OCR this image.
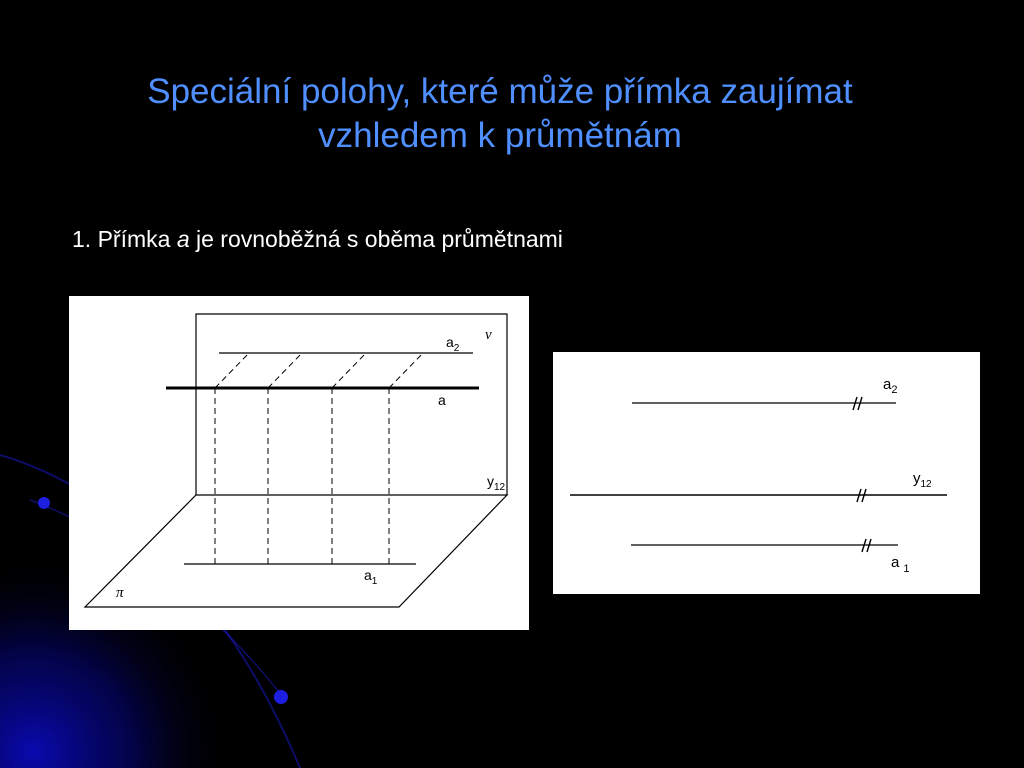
Speciální polohy, které může přímka zaujímat
vzhledem k průmětnám
1. Přímka a je rovnoběžná s oběma průmětnami
$a_2$
ν
a
$y_{12}$
$a_1$
π
$a_2$
$y_{12}$
a $_1$
